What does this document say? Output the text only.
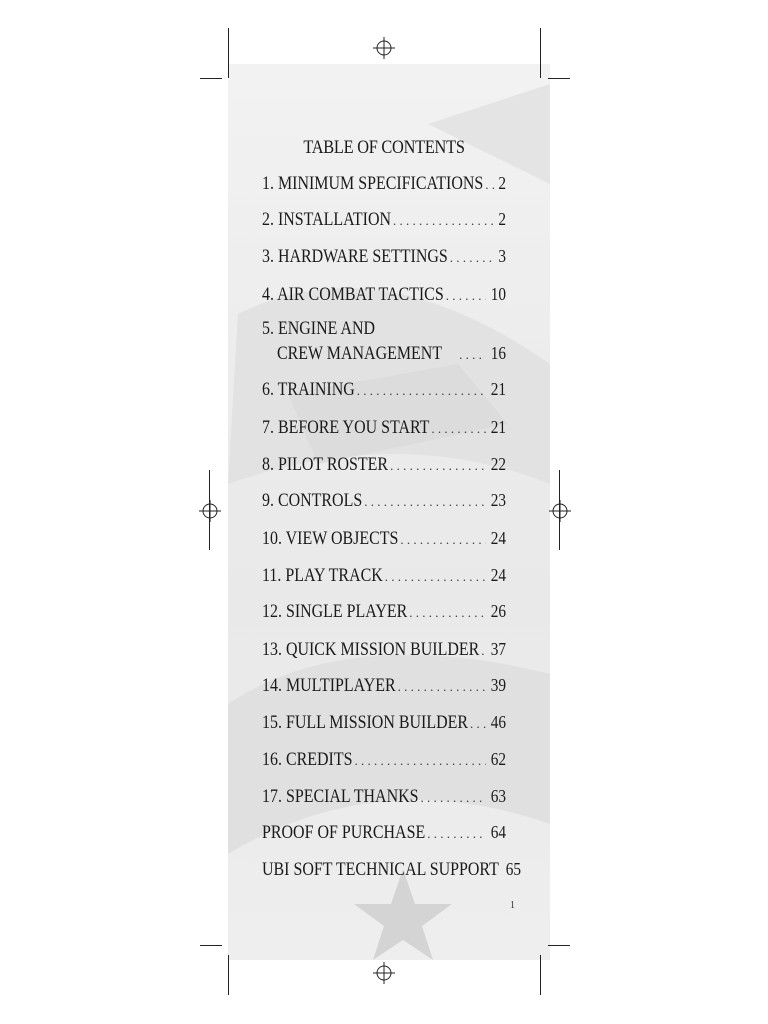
TABLE OF CONTENTS
1. MINIMUM SPECIFICATIONS . . . 2
2. INSTALLATION . . .	2
3. HARDWARE SETTINGS . . .	3
4. AIR COMBAT TACTICS . . .	10
5. ENGINE AND
CREW MANAGEMENT . . .	16
6. TRAINING . . .	21
7. BEFORE YOU START . . .	21
8. PILOT ROSTER . . .	22
9. CONTROLS . . .	23
10. VIEW OBJECTS . . .	24
11. PLAY TRACK . . .	24
12. SINGLE PLAYER . . .	26
13. QUICK MISSION BUILDER . . . 37
14. MULTIPLAYER . . .	39
15. FULL MISSION BUILDER . . . 46
16. CREDITS . . .	62
17. SPECIAL THANKS . . .	63
PROOF OF PURCHASE . . .	64
UBI SOFT TECHNICAL SUPPORT 65
1
